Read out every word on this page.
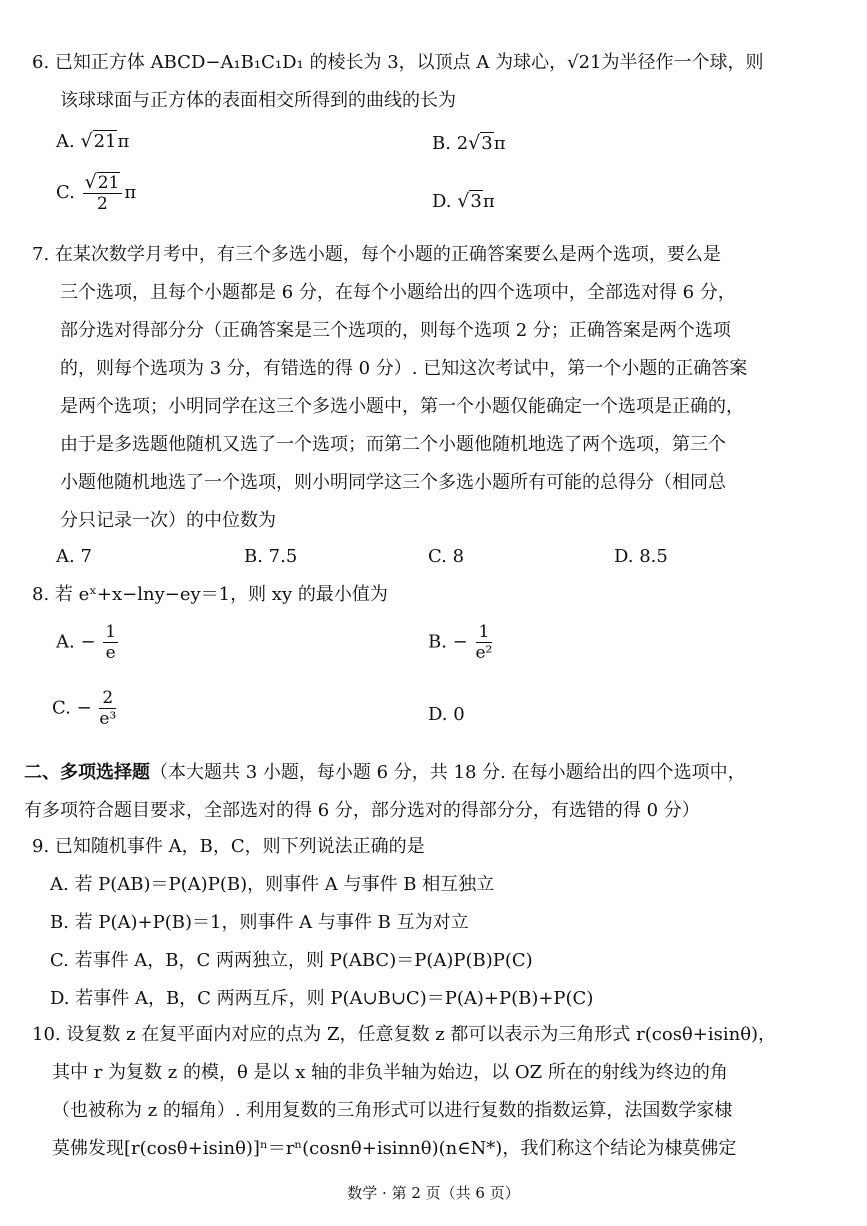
6. 已知正方体 ABCD−A₁B₁C₁D₁ 的棱长为 3，以顶点 A 为球心，√21为半径作一个球，则
该球球面与正方体的表面相交所得到的曲线的长为
A. √21π	B. 2√3π
C. $\frac{√21}{2}$ π	D. √3π
7. 在某次数学月考中，有三个多选小题，每个小题的正确答案要么是两个选项，要么是
三个选项，且每个小题都是 6 分，在每个小题给出的四个选项中，全部选对得 6 分，
部分选对得部分分（正确答案是三个选项的，则每个选项 2 分；正确答案是两个选项
的，则每个选项为 3 分，有错选的得 0 分）. 已知这次考试中，第一个小题的正确答案
是两个选项；小明同学在这三个多选小题中，第一个小题仅能确定一个选项是正确的，
由于是多选题他随机又选了一个选项；而第二个小题他随机地选了两个选项，第三个
小题他随机地选了一个选项，则小明同学这三个多选小题所有可能的总得分（相同总
分只记录一次）的中位数为
A. 7	B. 7.5	C. 8	D. 8.5
8. 若 eˣ+x−lny−ey＝1，则 xy 的最小值为
A. − $\frac{1}{e}$	B. − $\frac{1}{\text{e²}}$
C. − $\frac{2}{\text{e³}}$	D. 0
二、多项选择题（本大题共 3 小题，每小题 6 分，共 18 分. 在每小题给出的四个选项中，
有多项符合题目要求，全部选对的得 6 分，部分选对的得部分分，有选错的得 0 分）
9. 已知随机事件 A，B，C，则下列说法正确的是
A. 若 P(AB)＝P(A)P(B)，则事件 A 与事件 B 相互独立
B. 若 P(A)+P(B)＝1，则事件 A 与事件 B 互为对立
C. 若事件 A，B，C 两两独立，则 P(ABC)＝P(A)P(B)P(C)
D. 若事件 A，B，C 两两互斥，则 P(A∪B∪C)＝P(A)+P(B)+P(C)
10. 设复数 z 在复平面内对应的点为 Z，任意复数 z 都可以表示为三角形式 r(cosθ+isinθ)，
其中 r 为复数 z 的模，θ 是以 x 轴的非负半轴为始边，以 OZ 所在的射线为终边的角
（也被称为 z 的辐角）. 利用复数的三角形式可以进行复数的指数运算，法国数学家棣
莫佛发现[r(cosθ+isinθ)]ⁿ＝rⁿ(cosnθ+isinnθ)(n∈N*)，我们称这个结论为棣莫佛定
数学 · 第 2 页（共 6 页）
